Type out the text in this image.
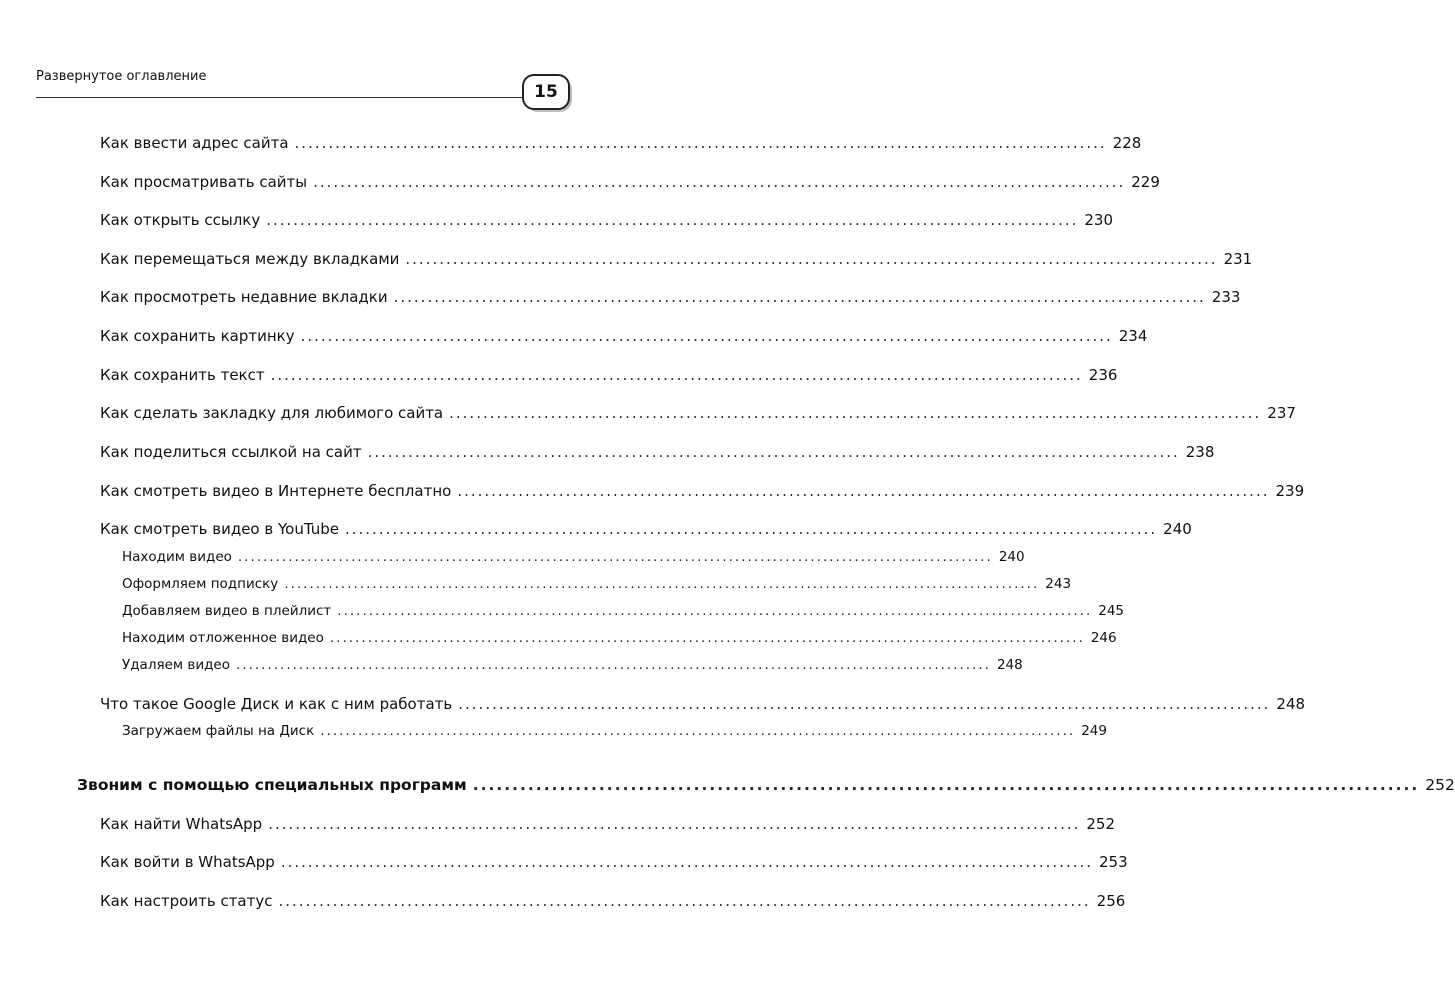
Развернутое оглавление
15
Как ввести адрес сайта ........................................................................................................................ 228
Как просматривать сайты ........................................................................................................................ 229
Как открыть ссылку ........................................................................................................................ 230
Как перемещаться между вкладками ........................................................................................................................ 231
Как просмотреть недавние вкладки ........................................................................................................................ 233
Как сохранить картинку ........................................................................................................................ 234
Как сохранить текст ........................................................................................................................ 236
Как сделать закладку для любимого сайта ........................................................................................................................ 237
Как поделиться ссылкой на сайт ........................................................................................................................ 238
Как смотреть видео в Интернете бесплатно ........................................................................................................................ 239
Как смотреть видео в YouTube ........................................................................................................................ 240
Находим видео ........................................................................................................................ 240
Оформляем подписку ........................................................................................................................ 243
Добавляем видео в плейлист ........................................................................................................................ 245
Находим отложенное видео ........................................................................................................................ 246
Удаляем видео ........................................................................................................................ 248
Что такое Google Диск и как с ним работать ........................................................................................................................ 248
Загружаем файлы на Диск ........................................................................................................................ 249
Звоним с помощью специальных программ ........................................................................................................................ 252
Как найти WhatsApp ........................................................................................................................ 252
Как войти в WhatsApp ........................................................................................................................ 253
Как настроить статус ........................................................................................................................ 256
